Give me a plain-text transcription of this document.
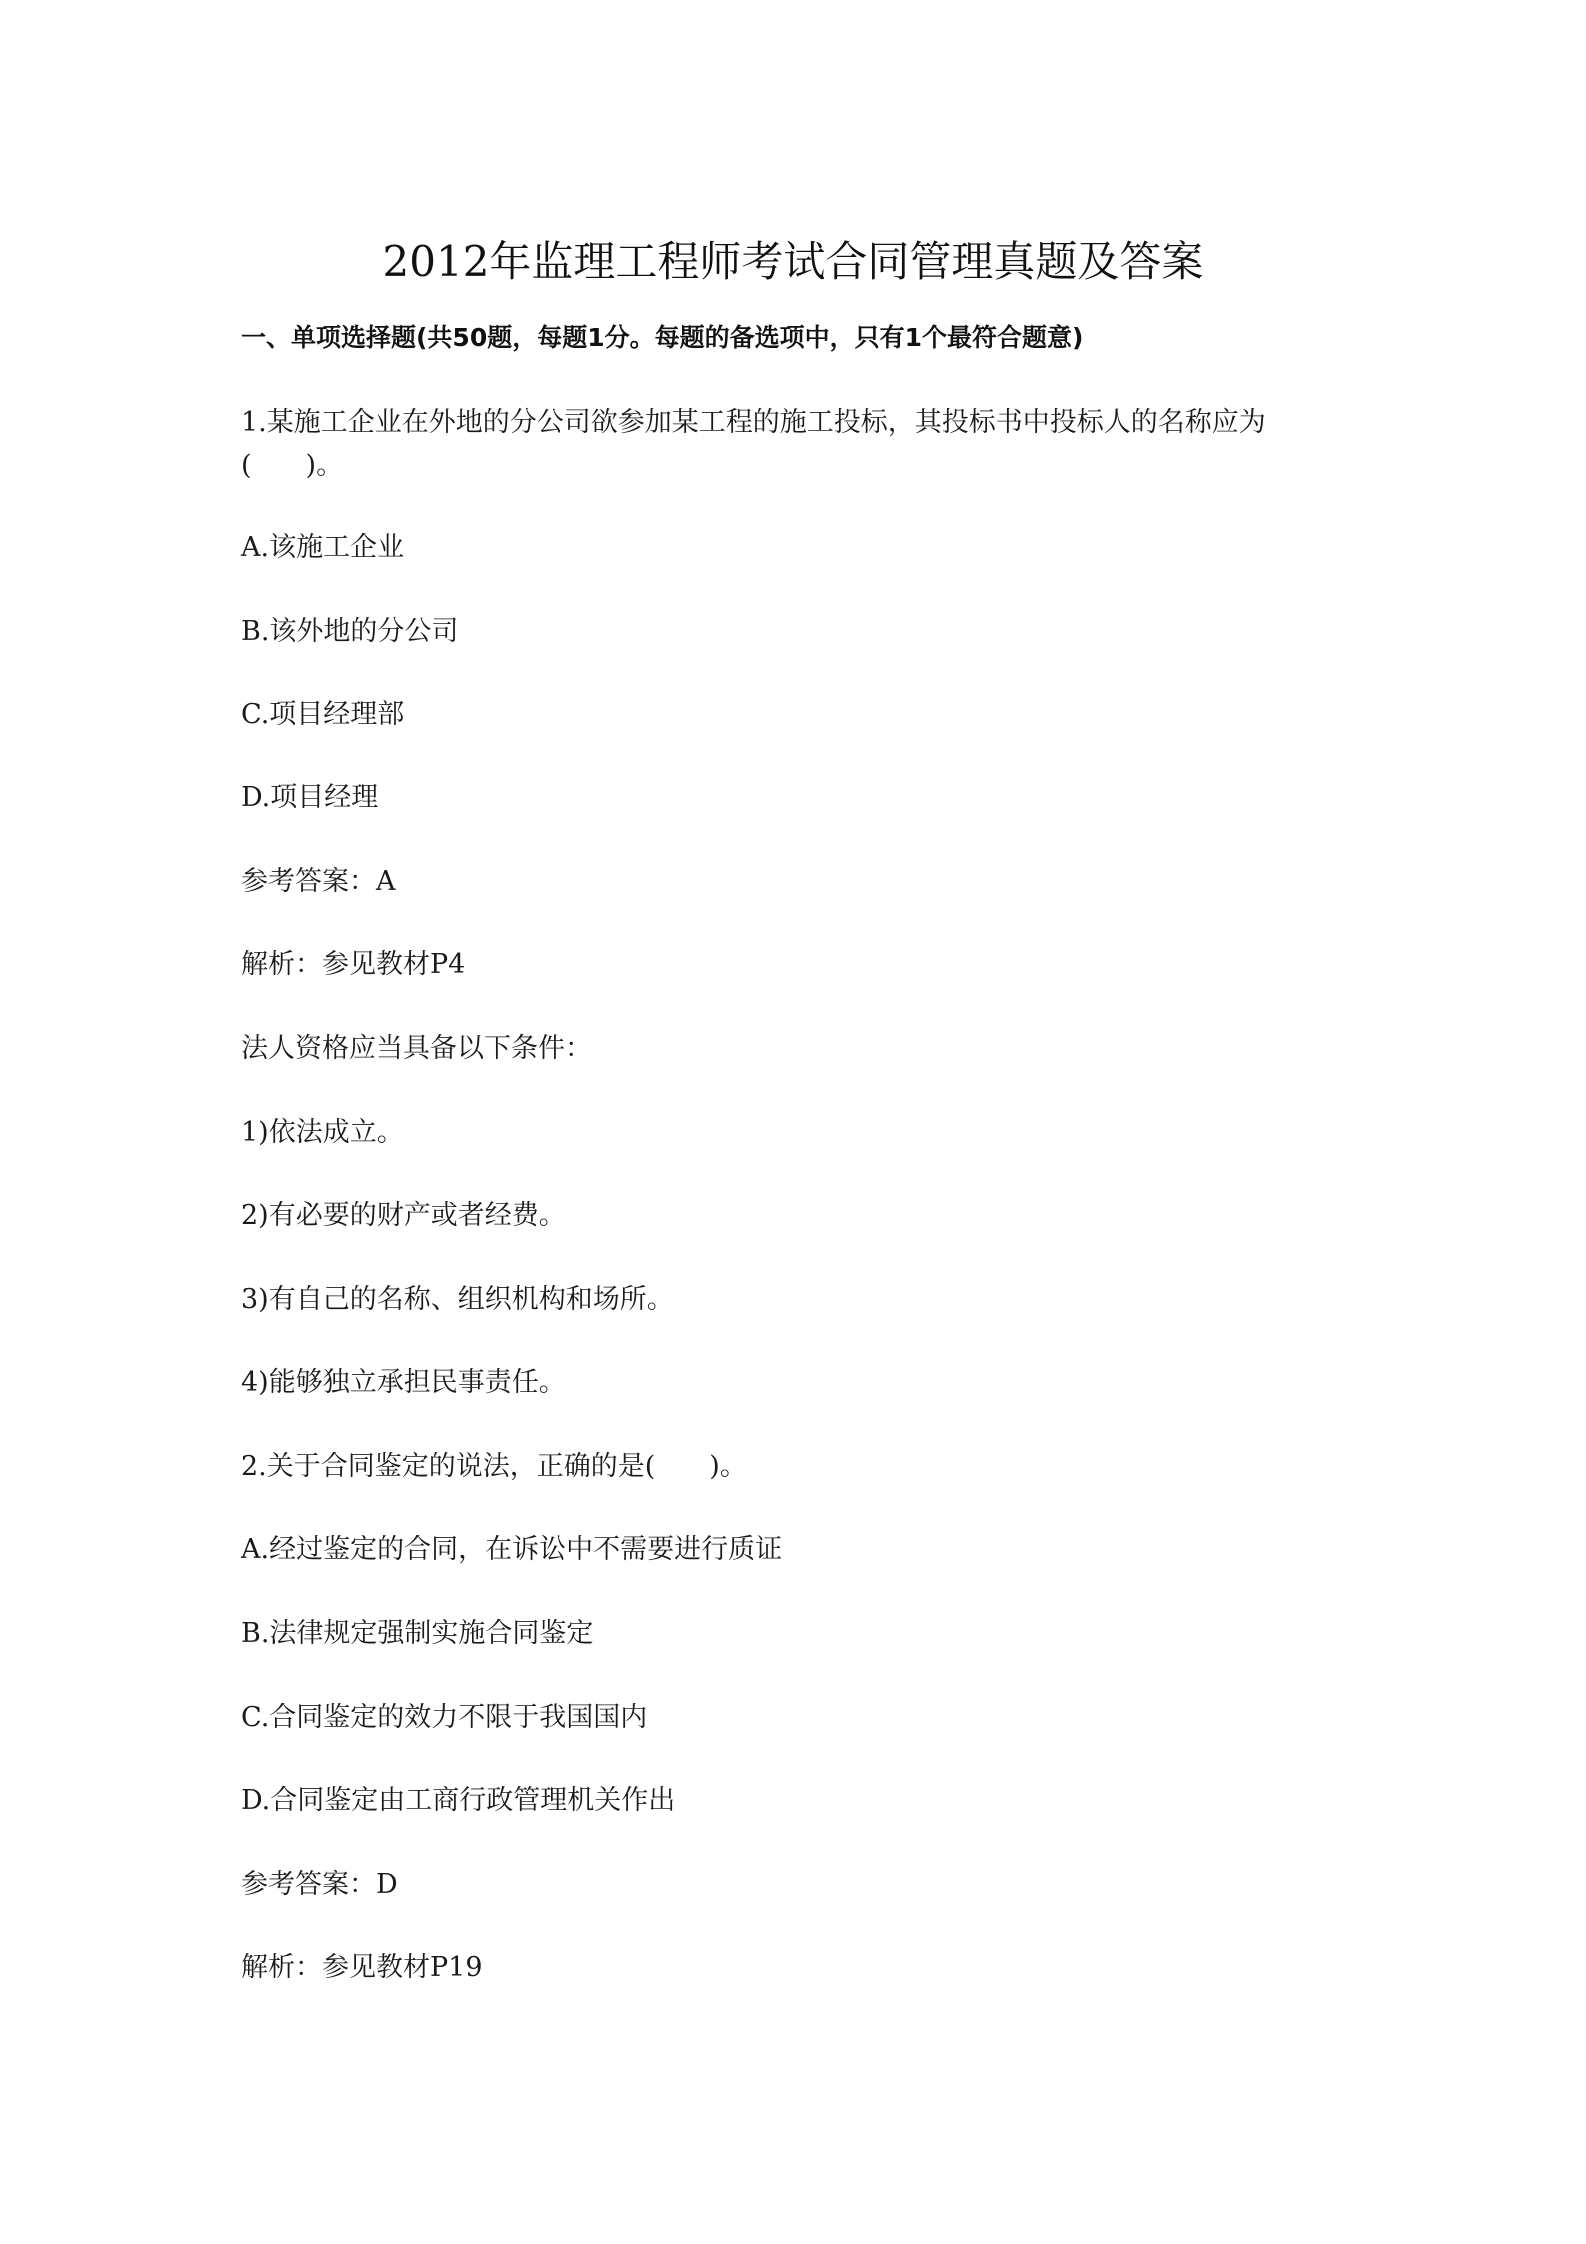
2012年监理工程师考试合同管理真题及答案
一、单项选择题(共50题，每题1分。每题的备选项中，只有1个最符合题意)
1.某施工企业在外地的分公司欲参加某工程的施工投标，其投标书中投标人的名称应为
(　　)。
A.该施工企业
B.该外地的分公司
C.项目经理部
D.项目经理
参考答案：A
解析：参见教材P4
法人资格应当具备以下条件：
1)依法成立。
2)有必要的财产或者经费。
3)有自己的名称、组织机构和场所。
4)能够独立承担民事责任。
2.关于合同鉴定的说法，正确的是(　　)。
A.经过鉴定的合同，在诉讼中不需要进行质证
B.法律规定强制实施合同鉴定
C.合同鉴定的效力不限于我国国内
D.合同鉴定由工商行政管理机关作出
参考答案：D
解析：参见教材P19
